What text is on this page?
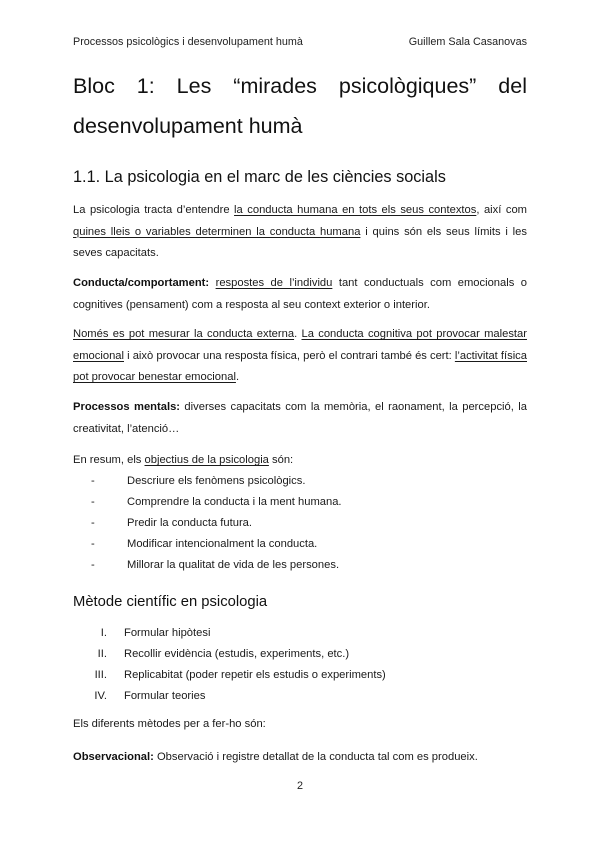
Processos psicològics i desenvolupament humà	Guillem Sala Casanovas
Bloc 1: Les “mirades psicològiques” del
desenvolupament humà
1.1. La psicologia en el marc de les ciències socials
La psicologia tracta d’entendre la conducta humana en tots els seus contextos, així com quines lleis o variables determinen la conducta humana i quins són els seus límits i les seves capacitats.
Conducta/comportament: respostes de l’individu tant conductuals com emocionals o cognitives (pensament) com a resposta al seu context exterior o interior.
Només es pot mesurar la conducta externa. La conducta cognitiva pot provocar malestar emocional i això provocar una resposta física, però el contrari també és cert: l’activitat física pot provocar benestar emocional.
Processos mentals: diverses capacitats com la memòria, el raonament, la percepció, la creativitat, l’atenció…
En resum, els objectius de la psicologia són:
-	Descriure els fenòmens psicològics.
-	Comprendre la conducta i la ment humana.
-	Predir la conducta futura.
-	Modificar intencionalment la conducta.
-	Millorar la qualitat de vida de les persones.
Mètode científic en psicologia
I.	Formular hipòtesi
II.	Recollir evidència (estudis, experiments, etc.)
III.	Replicabitat (poder repetir els estudis o experiments)
IV.	Formular teories
Els diferents mètodes per a fer-ho són:
Observacional: Observació i registre detallat de la conducta tal com es produeix.
2
